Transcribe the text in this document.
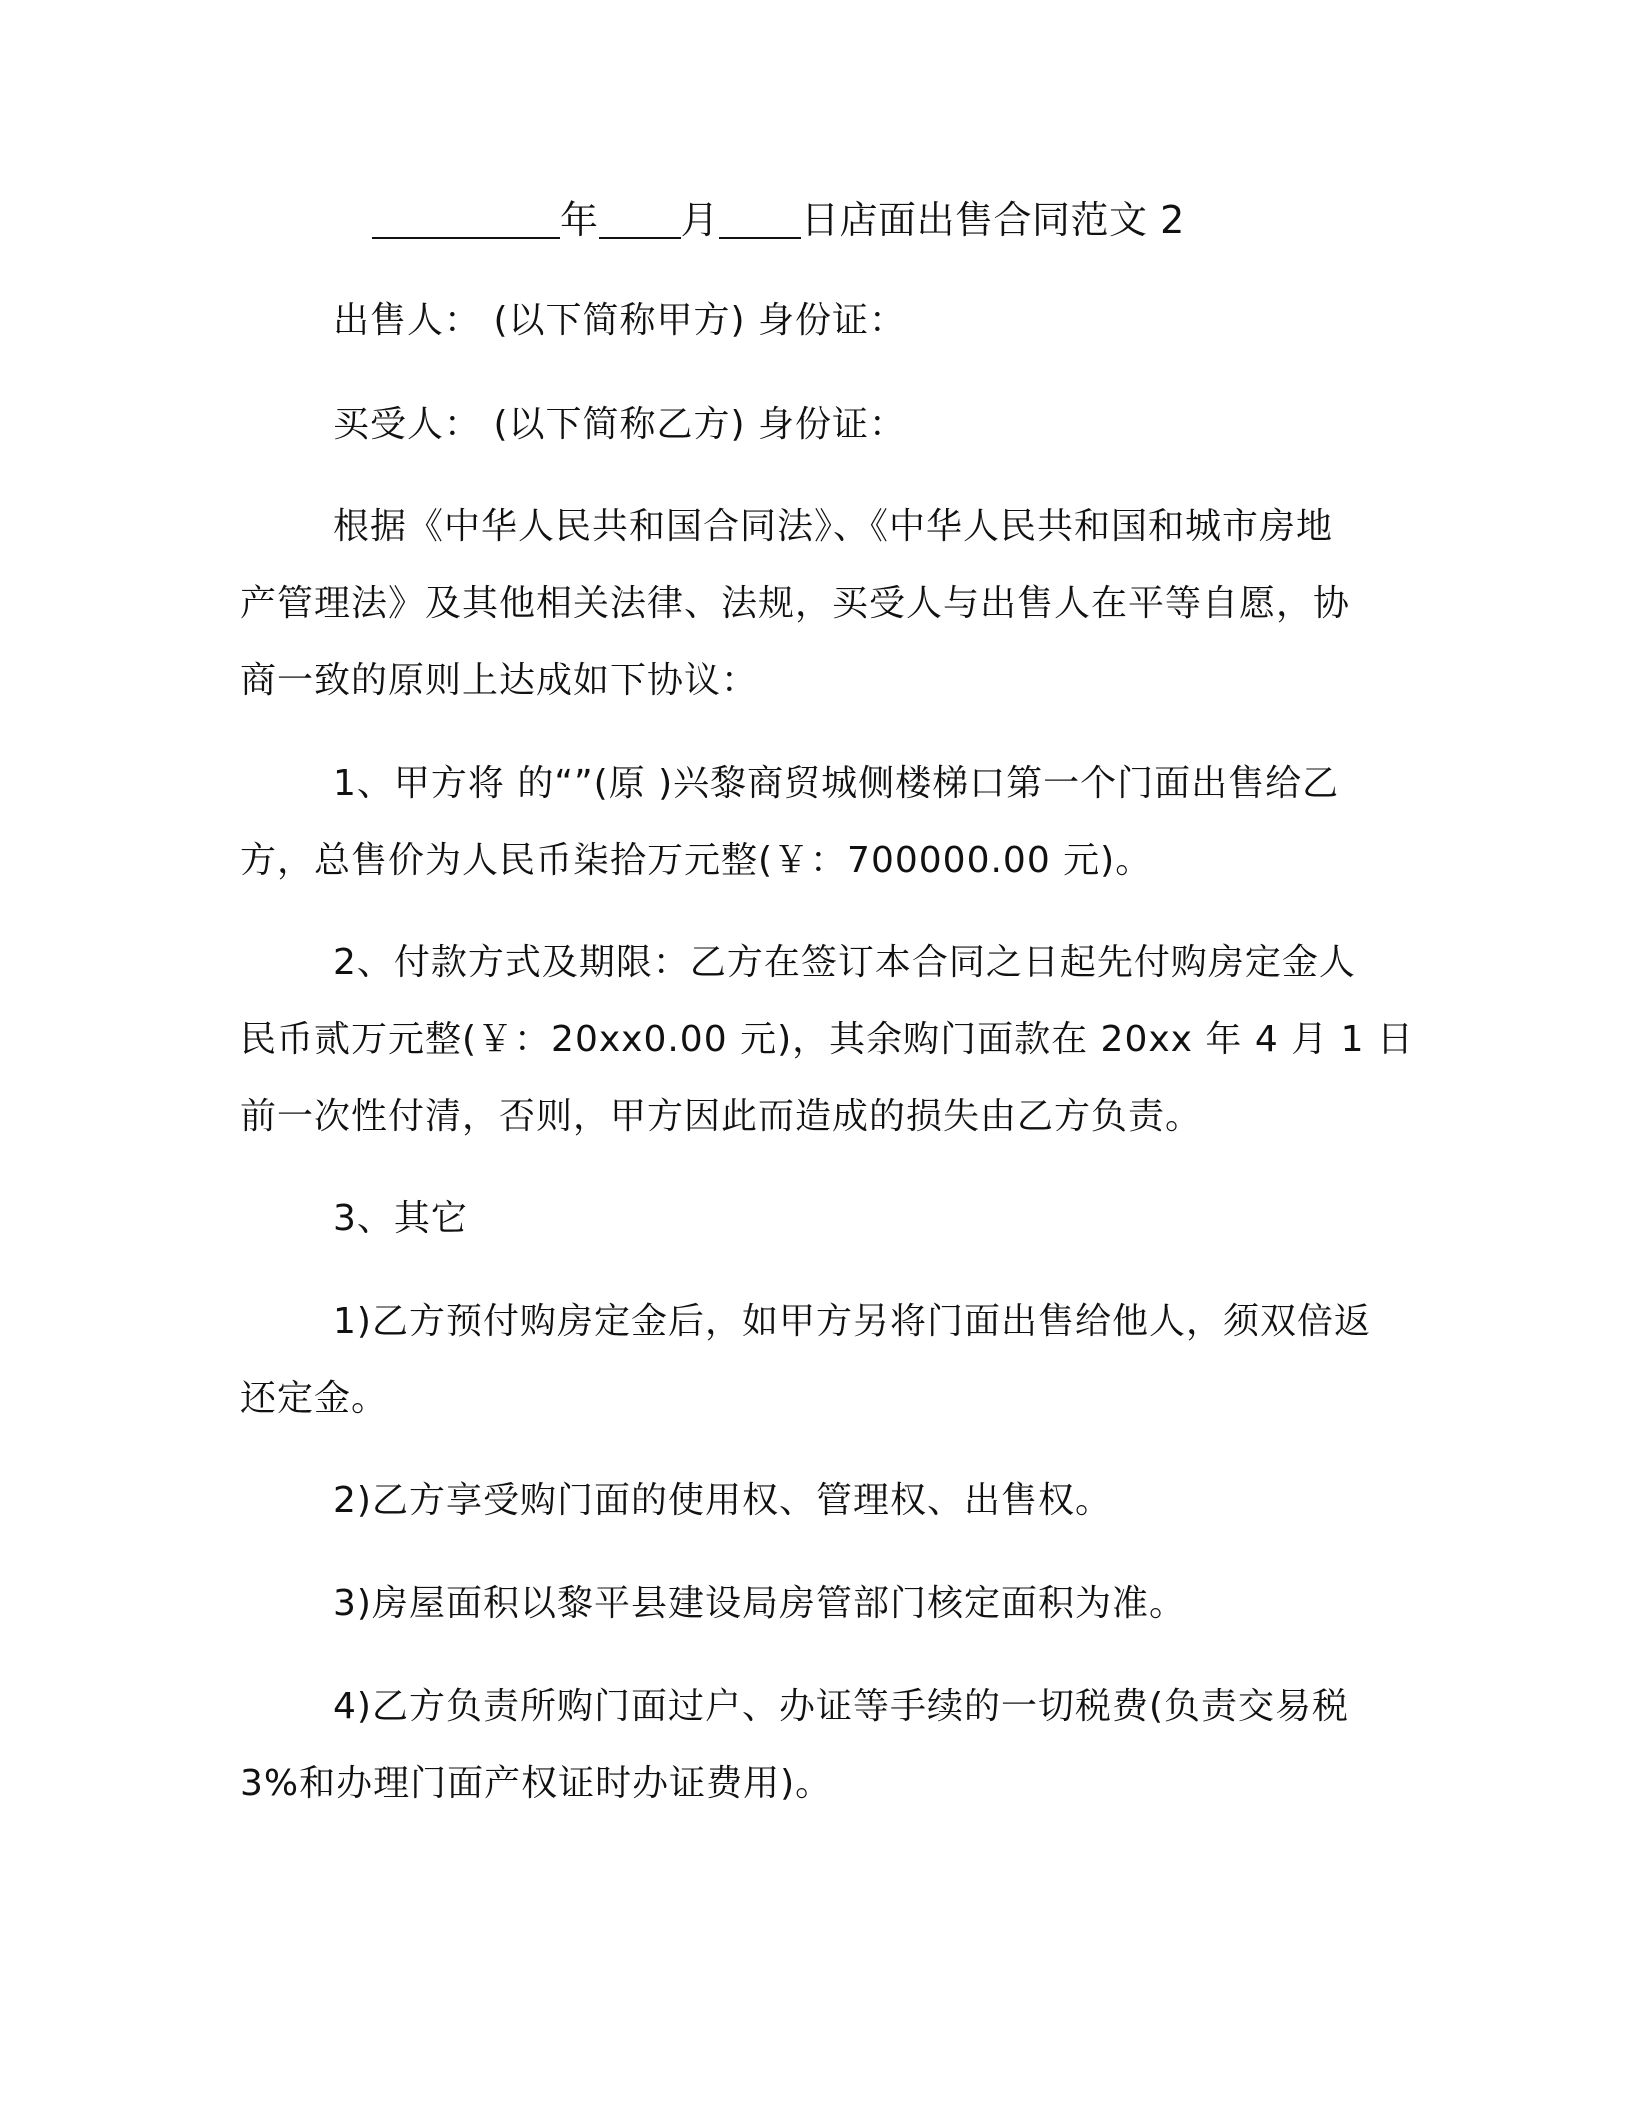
年 月 日店面出售合同范文 2
出售人： (以下简称甲方) 身份证：
买受人： (以下简称乙方) 身份证：
根据《中华人民共和国合同法》、《中华人民共和国和城市房地
产管理法》及其他相关法律、法规，买受人与出售人在平等自愿，协
商一致的原则上达成如下协议：
1、甲方将 的“”(原 )兴黎商贸城侧楼梯口第一个门面出售给乙
方，总售价为人民币柒拾万元整(￥：700000.00 元)。
2、付款方式及期限：乙方在签订本合同之日起先付购房定金人
民币贰万元整(￥：20xx0.00 元)，其余购门面款在 20xx 年 4 月 1 日
前一次性付清，否则，甲方因此而造成的损失由乙方负责。
3、其它
1)乙方预付购房定金后，如甲方另将门面出售给他人，须双倍返
还定金。
2)乙方享受购门面的使用权、管理权、出售权。
3)房屋面积以黎平县建设局房管部门核定面积为准。
4)乙方负责所购门面过户、办证等手续的一切税费(负责交易税
3%和办理门面产权证时办证费用)。
